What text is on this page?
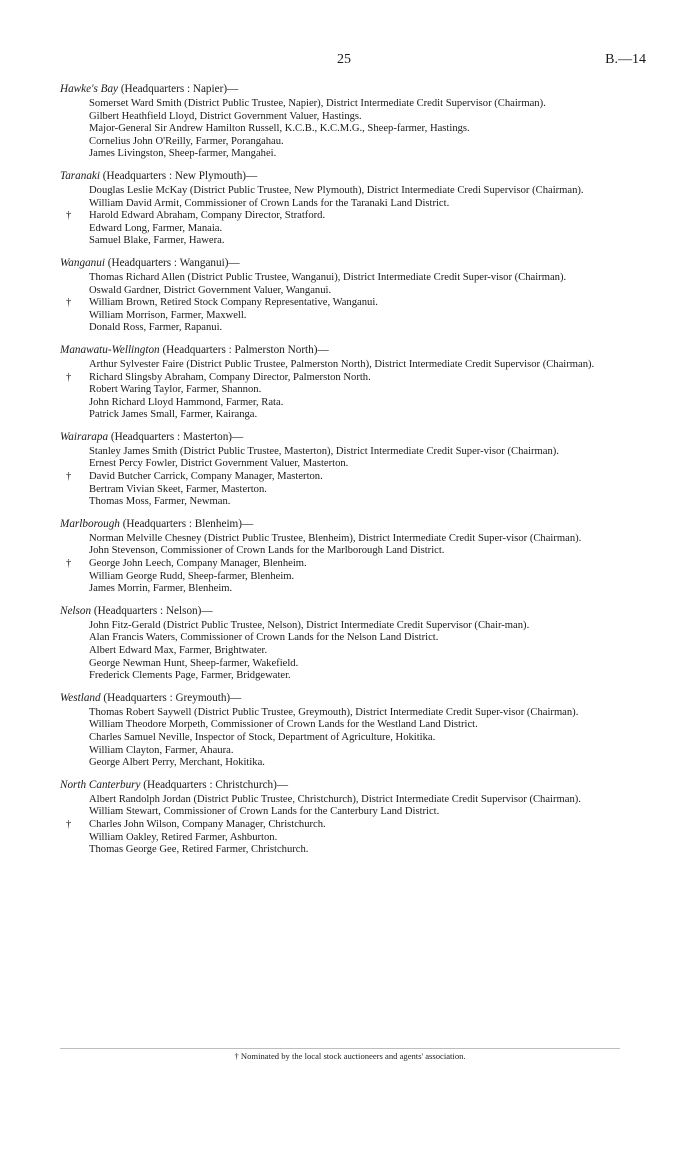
25	B.—14

Hawke's Bay (Headquarters : Napier)—

Somerset Ward Smith (District Public Trustee, Napier), District Intermediate Credit Supervisor (Chairman).

Gilbert Heathfield Lloyd, District Government Valuer, Hastings.

Major-General Sir Andrew Hamilton Russell, K.C.B., K.C.M.G., Sheep-farmer, Hastings.

Cornelius John O'Reilly, Farmer, Porangahau.

James Livingston, Sheep-farmer, Mangahei.

Taranaki (Headquarters : New Plymouth)—

Douglas Leslie McKay (District Public Trustee, New Plymouth), District Intermediate Credi Supervisor (Chairman).

William David Armit, Commissioner of Crown Lands for the Taranaki Land District.

† Harold Edward Abraham, Company Director, Stratford.

Edward Long, Farmer, Manaia.

Samuel Blake, Farmer, Hawera.

Wanganui (Headquarters : Wanganui)—

Thomas Richard Allen (District Public Trustee, Wanganui), District Intermediate Credit Super-visor (Chairman).

Oswald Gardner, District Government Valuer, Wanganui.

† William Brown, Retired Stock Company Representative, Wanganui.

William Morrison, Farmer, Maxwell.

Donald Ross, Farmer, Rapanui.

Manawatu-Wellington (Headquarters : Palmerston North)—

Arthur Sylvester Faire (District Public Trustee, Palmerston North), District Intermediate Credit Supervisor (Chairman).

† Richard Slingsby Abraham, Company Director, Palmerston North.

Robert Waring Taylor, Farmer, Shannon.

John Richard Lloyd Hammond, Farmer, Rata.

Patrick James Small, Farmer, Kairanga.

Wairarapa (Headquarters : Masterton)—

Stanley James Smith (District Public Trustee, Masterton), District Intermediate Credit Super-visor (Chairman).

Ernest Percy Fowler, District Government Valuer, Masterton.

† David Butcher Carrick, Company Manager, Masterton.

Bertram Vivian Skeet, Farmer, Masterton.

Thomas Moss, Farmer, Newman.

Marlborough (Headquarters : Blenheim)—

Norman Melville Chesney (District Public Trustee, Blenheim), District Intermediate Credit Super-visor (Chairman).

John Stevenson, Commissioner of Crown Lands for the Marlborough Land District.

† George John Leech, Company Manager, Blenheim.

William George Rudd, Sheep-farmer, Blenheim.

James Morrin, Farmer, Blenheim.

Nelson (Headquarters : Nelson)—

John Fitz-Gerald (District Public Trustee, Nelson), District Intermediate Credit Supervisor (Chair-man).

Alan Francis Waters, Commissioner of Crown Lands for the Nelson Land District.

Albert Edward Max, Farmer, Brightwater.

George Newman Hunt, Sheep-farmer, Wakefield.

Frederick Clements Page, Farmer, Bridgewater.

Westland (Headquarters : Greymouth)—

Thomas Robert Saywell (District Public Trustee, Greymouth), District Intermediate Credit Super-visor (Chairman).

William Theodore Morpeth, Commissioner of Crown Lands for the Westland Land District.

Charles Samuel Neville, Inspector of Stock, Department of Agriculture, Hokitika.

William Clayton, Farmer, Ahaura.

George Albert Perry, Merchant, Hokitika.

North Canterbury (Headquarters : Christchurch)—

Albert Randolph Jordan (District Public Trustee, Christchurch), District Intermediate Credit Supervisor (Chairman).

William Stewart, Commissioner of Crown Lands for the Canterbury Land District.

† Charles John Wilson, Company Manager, Christchurch.

William Oakley, Retired Farmer, Ashburton.

Thomas George Gee, Retired Farmer, Christchurch.

† Nominated by the local stock auctioneers and agents' association.
